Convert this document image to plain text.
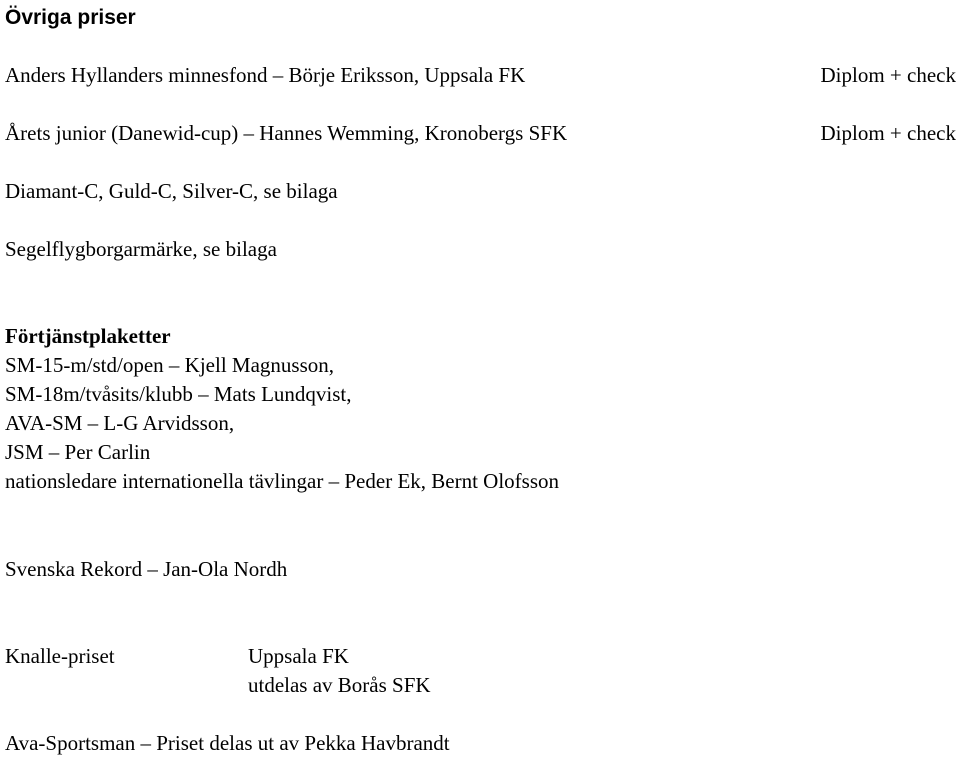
Övriga priser
Anders Hyllanders minnesfond – Börje Eriksson, Uppsala FK	Diplom + check
Årets junior (Danewid-cup) – Hannes Wemming, Kronobergs SFK	Diplom + check
Diamant-C, Guld-C, Silver-C, se bilaga
Segelflygborgarmärke, se bilaga
Förtjänstplaketter
SM-15-m/std/open – Kjell Magnusson,
SM-18m/tvåsits/klubb – Mats Lundqvist,
AVA-SM – L-G Arvidsson,
JSM – Per Carlin
nationsledare internationella tävlingar – Peder Ek, Bernt Olofsson
Svenska Rekord – Jan-Ola Nordh
Knalle-priset	Uppsala FK
utdelas av Borås SFK
Ava-Sportsman – Priset delas ut av Pekka Havbrandt
